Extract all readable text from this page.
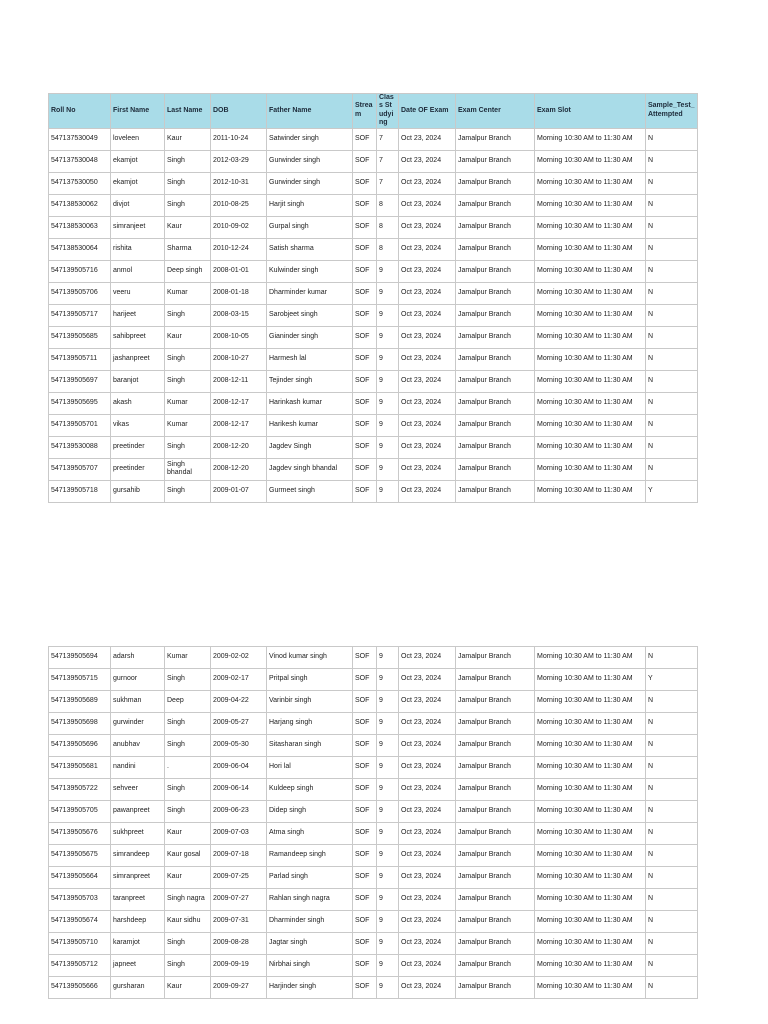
Roll No	First Name	Last Name	DOB	Father Name	Stream	Class Studying	Date OF Exam	Exam Center	Exam Slot	Sample_Test_Attempted
547137530049	loveleen	Kaur	2011-10-24	Satwinder singh	SOF	7	Oct 23, 2024	Jamalpur Branch	Morning 10:30 AM to 11:30 AM	N
547137530048	ekamjot	Singh	2012-03-29	Gurwinder singh	SOF	7	Oct 23, 2024	Jamalpur Branch	Morning 10:30 AM to 11:30 AM	N
547137530050	ekamjot	Singh	2012-10-31	Gurwinder singh	SOF	7	Oct 23, 2024	Jamalpur Branch	Morning 10:30 AM to 11:30 AM	N
547138530062	divjot	Singh	2010-08-25	Harjit singh	SOF	8	Oct 23, 2024	Jamalpur Branch	Morning 10:30 AM to 11:30 AM	N
547138530063	simranjeet	Kaur	2010-09-02	Gurpal singh	SOF	8	Oct 23, 2024	Jamalpur Branch	Morning 10:30 AM to 11:30 AM	N
547138530064	rishita	Sharma	2010-12-24	Satish sharma	SOF	8	Oct 23, 2024	Jamalpur Branch	Morning 10:30 AM to 11:30 AM	N
547139505716	anmol	Deep singh	2008-01-01	Kulwinder singh	SOF	9	Oct 23, 2024	Jamalpur Branch	Morning 10:30 AM to 11:30 AM	N
547139505706	veeru	Kumar	2008-01-18	Dharminder kumar	SOF	9	Oct 23, 2024	Jamalpur Branch	Morning 10:30 AM to 11:30 AM	N
547139505717	harijeet	Singh	2008-03-15	Sarobjeet singh	SOF	9	Oct 23, 2024	Jamalpur Branch	Morning 10:30 AM to 11:30 AM	N
547139505685	sahibpreet	Kaur	2008-10-05	Gianinder singh	SOF	9	Oct 23, 2024	Jamalpur Branch	Morning 10:30 AM to 11:30 AM	N
547139505711	jashanpreet	Singh	2008-10-27	Harmesh lal	SOF	9	Oct 23, 2024	Jamalpur Branch	Morning 10:30 AM to 11:30 AM	N
547139505697	baranjot	Singh	2008-12-11	Tejinder singh	SOF	9	Oct 23, 2024	Jamalpur Branch	Morning 10:30 AM to 11:30 AM	N
547139505695	akash	Kumar	2008-12-17	Harinkash kumar	SOF	9	Oct 23, 2024	Jamalpur Branch	Morning 10:30 AM to 11:30 AM	N
547139505701	vikas	Kumar	2008-12-17	Harikesh kumar	SOF	9	Oct 23, 2024	Jamalpur Branch	Morning 10:30 AM to 11:30 AM	N
547139530088	preetinder	Singh	2008-12-20	Jagdev Singh	SOF	9	Oct 23, 2024	Jamalpur Branch	Morning 10:30 AM to 11:30 AM	N
547139505707	preetinder	Singh bhandal	2008-12-20	Jagdev singh bhandal	SOF	9	Oct 23, 2024	Jamalpur Branch	Morning 10:30 AM to 11:30 AM	N
547139505718	gursahib	Singh	2009-01-07	Gurmeet singh	SOF	9	Oct 23, 2024	Jamalpur Branch	Morning 10:30 AM to 11:30 AM	Y
547139505694	adarsh	Kumar	2009-02-02	Vinod kumar singh	SOF	9	Oct 23, 2024	Jamalpur Branch	Morning 10:30 AM to 11:30 AM	N
547139505715	gurnoor	Singh	2009-02-17	Pritpal singh	SOF	9	Oct 23, 2024	Jamalpur Branch	Morning 10:30 AM to 11:30 AM	Y
547139505689	sukhman	Deep	2009-04-22	Varinbir singh	SOF	9	Oct 23, 2024	Jamalpur Branch	Morning 10:30 AM to 11:30 AM	N
547139505698	gurwinder	Singh	2009-05-27	Harjang singh	SOF	9	Oct 23, 2024	Jamalpur Branch	Morning 10:30 AM to 11:30 AM	N
547139505696	anubhav	Singh	2009-05-30	Sitasharan singh	SOF	9	Oct 23, 2024	Jamalpur Branch	Morning 10:30 AM to 11:30 AM	N
547139505681	nandini	.	2009-06-04	Hori lal	SOF	9	Oct 23, 2024	Jamalpur Branch	Morning 10:30 AM to 11:30 AM	N
547139505722	sehveer	Singh	2009-06-14	Kuldeep singh	SOF	9	Oct 23, 2024	Jamalpur Branch	Morning 10:30 AM to 11:30 AM	N
547139505705	pawanpreet	Singh	2009-06-23	Didep singh	SOF	9	Oct 23, 2024	Jamalpur Branch	Morning 10:30 AM to 11:30 AM	N
547139505676	sukhpreet	Kaur	2009-07-03	Atma singh	SOF	9	Oct 23, 2024	Jamalpur Branch	Morning 10:30 AM to 11:30 AM	N
547139505675	simrandeep	Kaur gosal	2009-07-18	Ramandeep singh	SOF	9	Oct 23, 2024	Jamalpur Branch	Morning 10:30 AM to 11:30 AM	N
547139505664	simranpreet	Kaur	2009-07-25	Parlad singh	SOF	9	Oct 23, 2024	Jamalpur Branch	Morning 10:30 AM to 11:30 AM	N
547139505703	taranpreet	Singh nagra	2009-07-27	Rahlan singh nagra	SOF	9	Oct 23, 2024	Jamalpur Branch	Morning 10:30 AM to 11:30 AM	N
547139505674	harshdeep	Kaur sidhu	2009-07-31	Dharminder singh	SOF	9	Oct 23, 2024	Jamalpur Branch	Morning 10:30 AM to 11:30 AM	N
547139505710	karamjot	Singh	2009-08-28	Jagtar singh	SOF	9	Oct 23, 2024	Jamalpur Branch	Morning 10:30 AM to 11:30 AM	N
547139505712	japneet	Singh	2009-09-19	Nirbhai singh	SOF	9	Oct 23, 2024	Jamalpur Branch	Morning 10:30 AM to 11:30 AM	N
547139505666	gursharan	Kaur	2009-09-27	Harjinder singh	SOF	9	Oct 23, 2024	Jamalpur Branch	Morning 10:30 AM to 11:30 AM	N
